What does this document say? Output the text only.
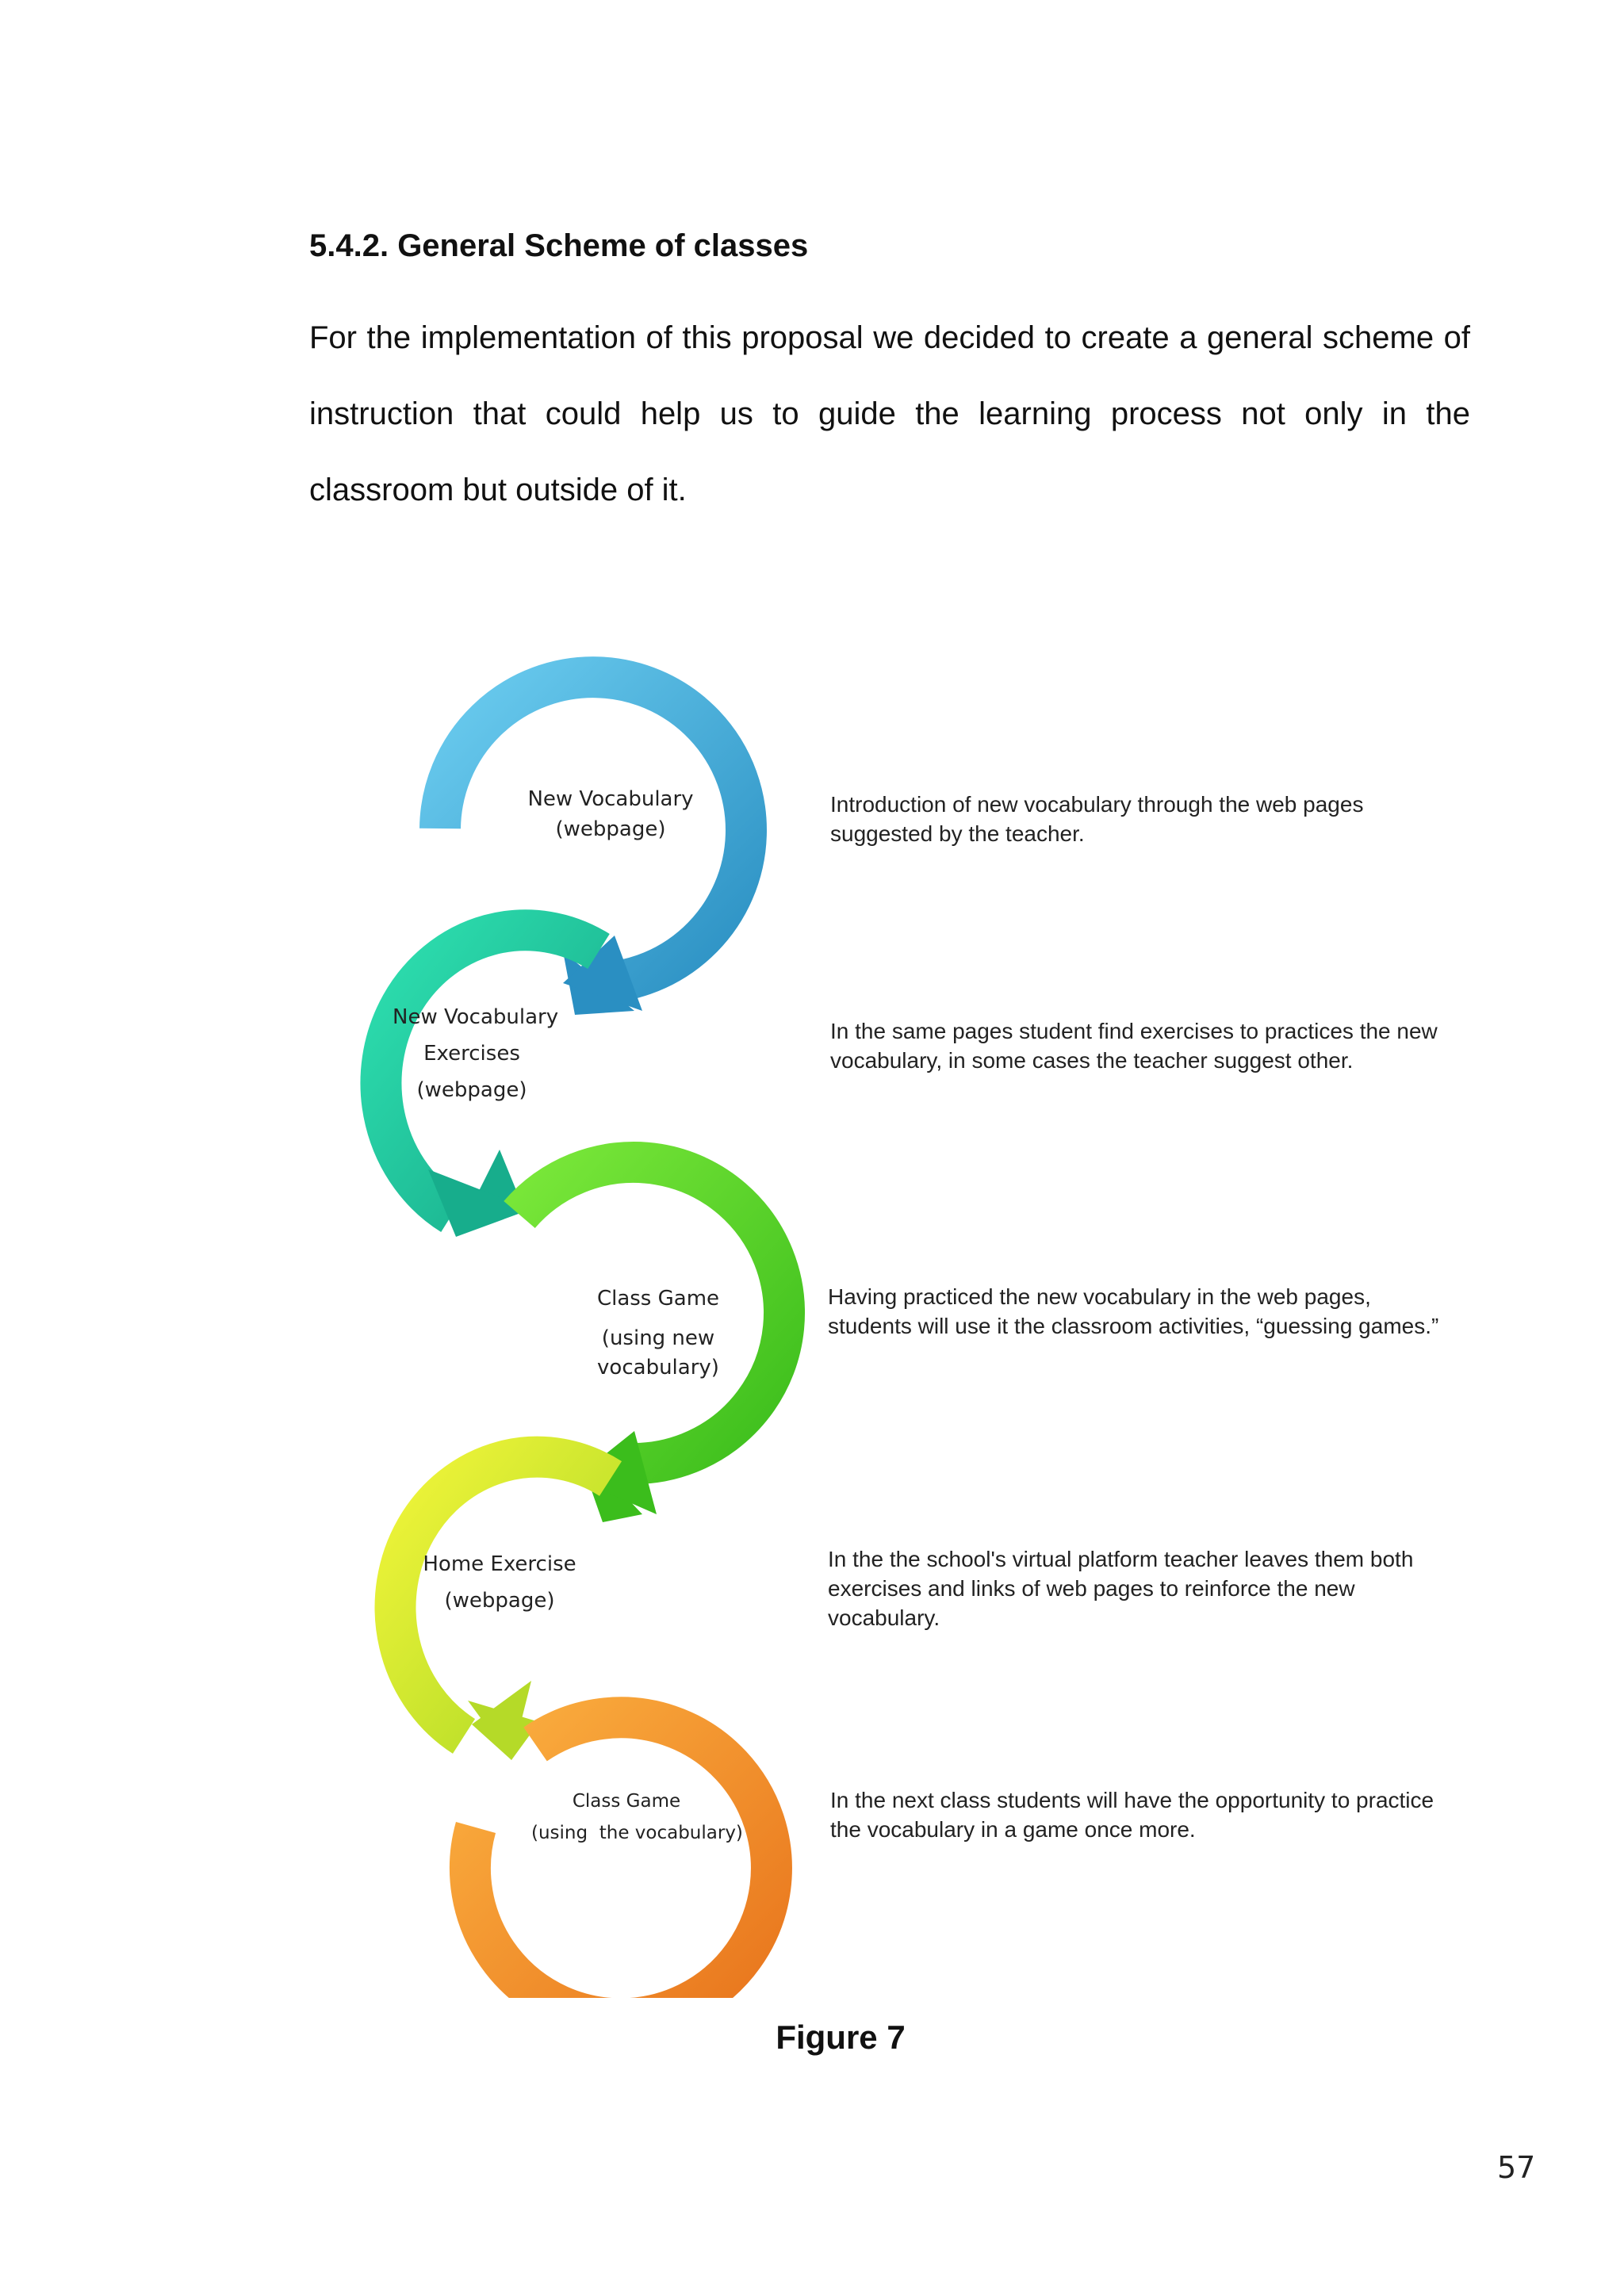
5.4.2. General Scheme of classes

For the implementation of this proposal we decided to create a general scheme of instruction that could help us to guide the learning process not only in the classroom but outside of it.

New Vocabulary
(webpage)

Introduction of new vocabulary through the web pages suggested by the teacher.

New Vocabulary
Exercises
(webpage)

In the same pages student find exercises to practices the new vocabulary, in some cases the teacher suggest other.

Class Game
(using new
vocabulary)

Having practiced the new vocabulary in the web pages, students will use it the classroom activities, “guessing games.”

Home Exercise
(webpage)

In the the school's virtual platform teacher leaves them both exercises and links of web pages to reinforce the new vocabulary.

Class Game
(using  the vocabulary)

In the next class students will have the opportunity to practice the vocabulary in a game once more.

Figure 7
57
